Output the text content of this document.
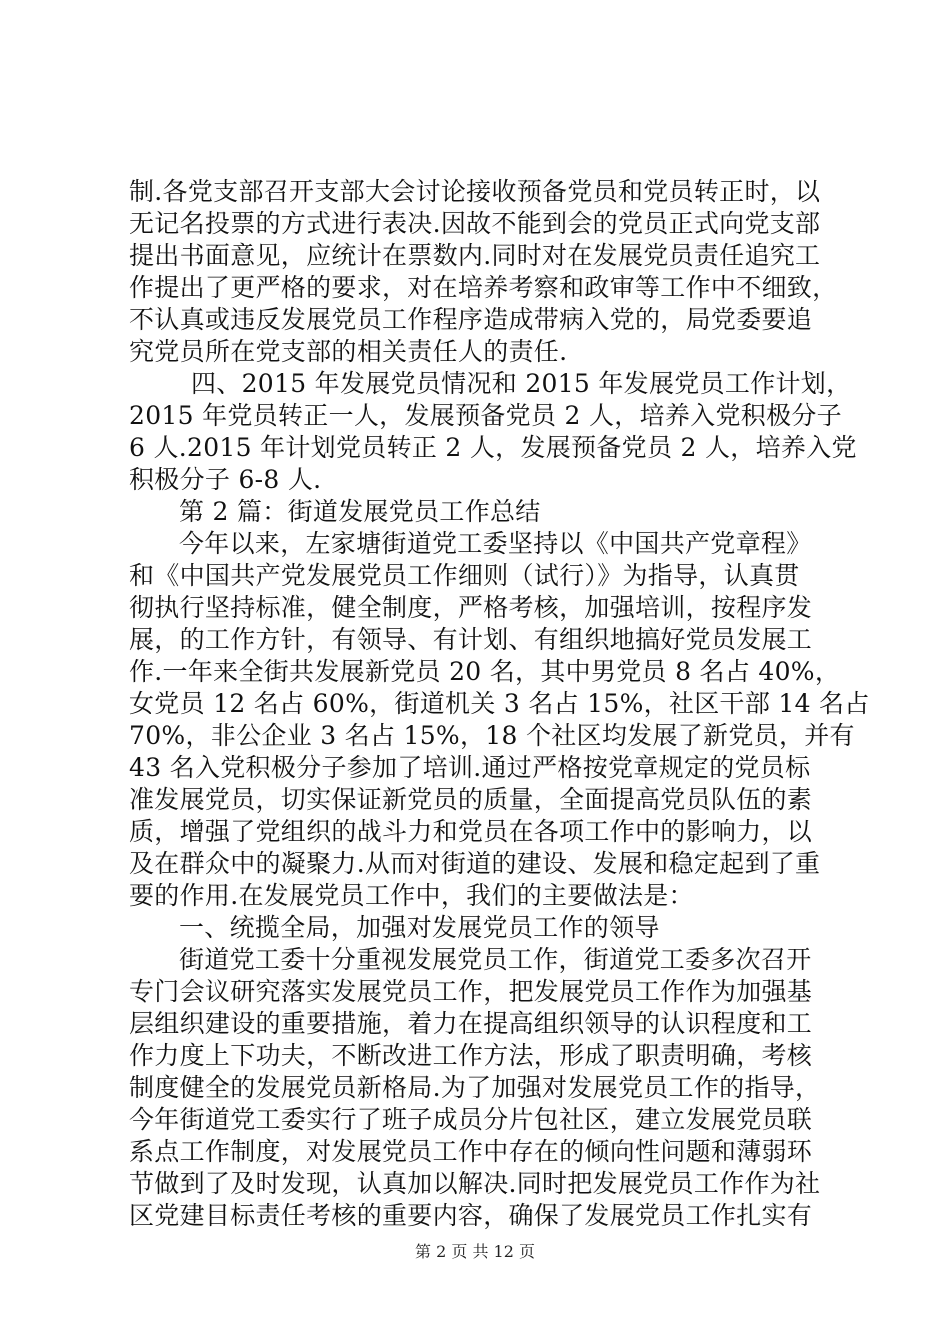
制.各党支部召开支部大会讨论接收预备党员和党员转正时，以
无记名投票的方式进行表决.因故不能到会的党员正式向党支部
提出书面意见，应统计在票数内.同时对在发展党员责任追究工
作提出了更严格的要求，对在培养考察和政审等工作中不细致，
不认真或违反发展党员工作程序造成带病入党的，局党委要追
究党员所在党支部的相关责任人的责任.
四、2015 年发展党员情况和 2015 年发展党员工作计划，
2015 年党员转正一人，发展预备党员 2 人，培养入党积极分子
6 人.2015 年计划党员转正 2 人，发展预备党员 2 人，培养入党
积极分子 6-8 人.
第 2 篇：街道发展党员工作总结
今年以来，左家塘街道党工委坚持以《中国共产党章程》
和《中国共产党发展党员工作细则（试行）》为指导，认真贯
彻执行坚持标准，健全制度，严格考核，加强培训，按程序发
展，的工作方针，有领导、有计划、有组织地搞好党员发展工
作.一年来全街共发展新党员 20 名，其中男党员 8 名占 40%，
女党员 12 名占 60%，街道机关 3 名占 15%，社区干部 14 名占
70%，非公企业 3 名占 15%，18 个社区均发展了新党员，并有
43 名入党积极分子参加了培训.通过严格按党章规定的党员标
准发展党员，切实保证新党员的质量，全面提高党员队伍的素
质，增强了党组织的战斗力和党员在各项工作中的影响力，以
及在群众中的凝聚力.从而对街道的建设、发展和稳定起到了重
要的作用.在发展党员工作中，我们的主要做法是：
一、统揽全局，加强对发展党员工作的领导
街道党工委十分重视发展党员工作，街道党工委多次召开
专门会议研究落实发展党员工作，把发展党员工作作为加强基
层组织建设的重要措施，着力在提高组织领导的认识程度和工
作力度上下功夫，不断改进工作方法，形成了职责明确，考核
制度健全的发展党员新格局.为了加强对发展党员工作的指导，
今年街道党工委实行了班子成员分片包社区，建立发展党员联
系点工作制度，对发展党员工作中存在的倾向性问题和薄弱环
节做到了及时发现，认真加以解决.同时把发展党员工作作为社
区党建目标责任考核的重要内容，确保了发展党员工作扎实有
第 2 页 共 12 页
